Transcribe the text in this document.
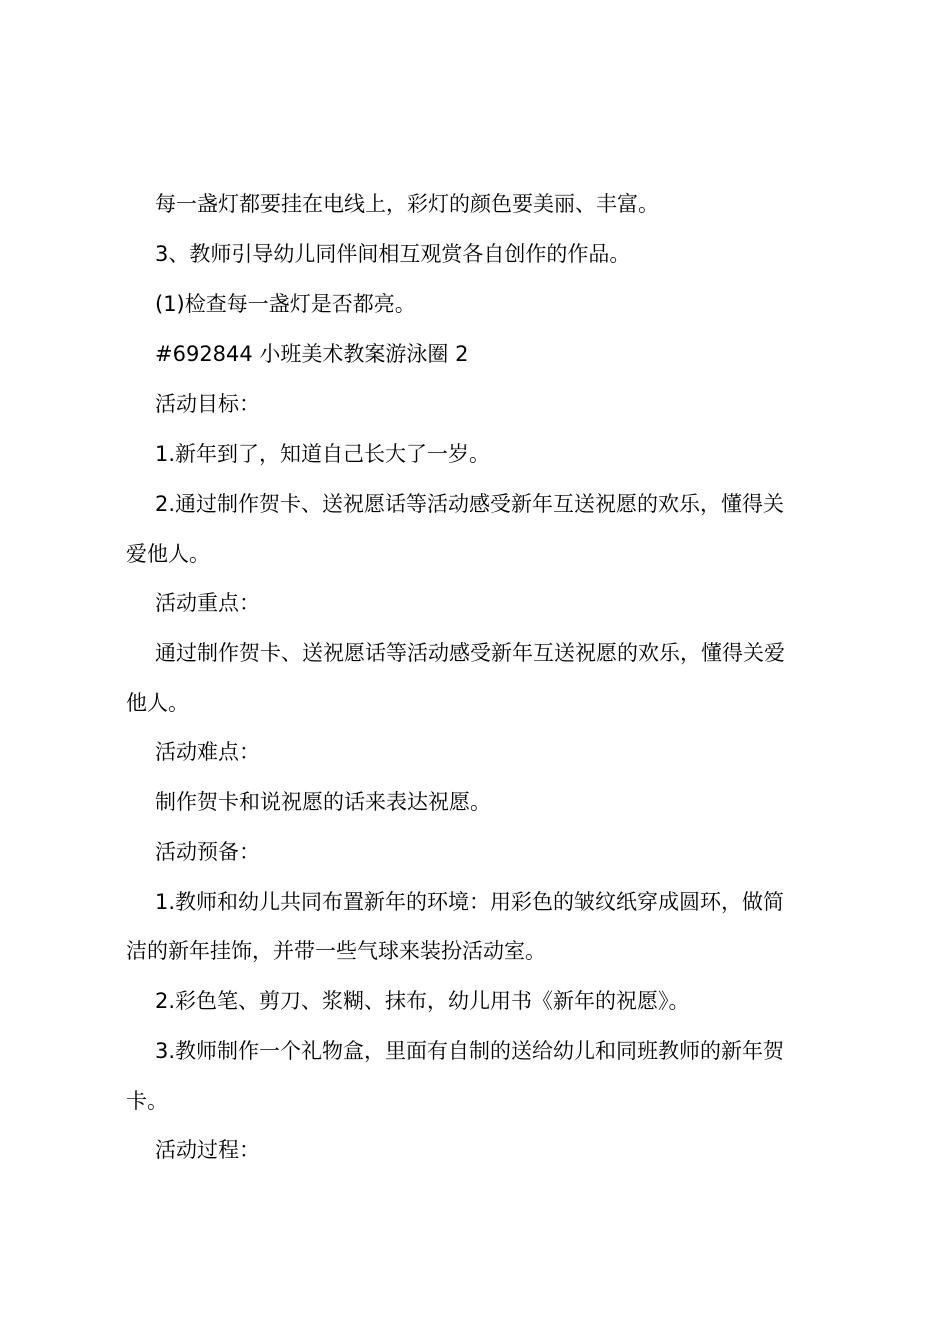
每一盏灯都要挂在电线上，彩灯的颜色要美丽、丰富。
3、教师引导幼儿同伴间相互观赏各自创作的作品。
(1)检查每一盏灯是否都亮。
#692844 小班美术教案游泳圈 2
活动目标：
1.新年到了，知道自己长大了一岁。
2.通过制作贺卡、送祝愿话等活动感受新年互送祝愿的欢乐，懂得关
爱他人。
活动重点：
通过制作贺卡、送祝愿话等活动感受新年互送祝愿的欢乐，懂得关爱
他人。
活动难点：
制作贺卡和说祝愿的话来表达祝愿。
活动预备：
1.教师和幼儿共同布置新年的环境：用彩色的皱纹纸穿成圆环，做简
洁的新年挂饰，并带一些气球来装扮活动室。
2.彩色笔、剪刀、浆糊、抹布，幼儿用书《新年的祝愿》。
3.教师制作一个礼物盒，里面有自制的送给幼儿和同班教师的新年贺
卡。
活动过程：
